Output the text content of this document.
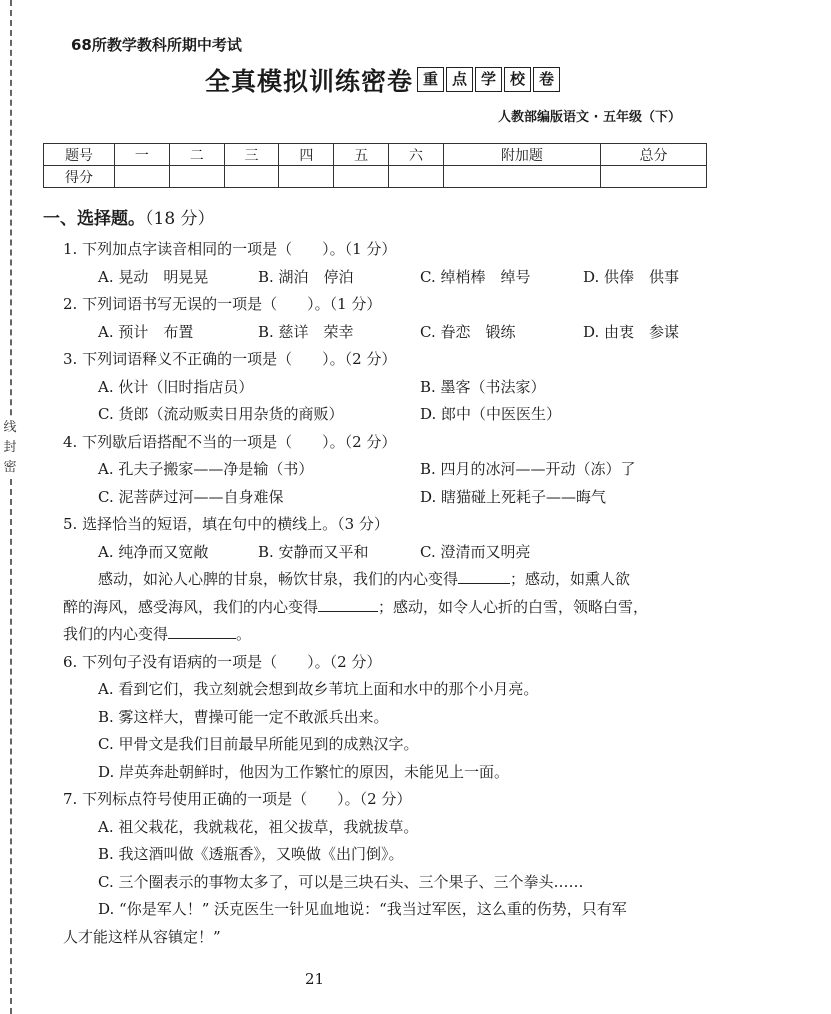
线
封
密
68所教学教科所期中考试
全真模拟训练密卷 重 点 学 校 卷
人教部编版语文 · 五年级（下）
题号	一	二	三	四	五	六	附加题	总分
得分								
一、选择题。（18 分）
1. 下列加点字读音相同的一项是（　　）。（1 分）
A. 晃动　明晃晃	B. 湖泊　停泊	C. 绰梢棒　绰号	D. 供俸　供事
2. 下列词语书写无误的一项是（　　）。（1 分）
A. 预计　布置	B. 慈详　荣幸	C. 眷恋　锻练	D. 由衷　参谋
3. 下列词语释义不正确的一项是（　　）。（2 分）
A. 伙计（旧时指店员）	B. 墨客（书法家）
C. 货郎（流动贩卖日用杂货的商贩）	D. 郎中（中医医生）
4. 下列歇后语搭配不当的一项是（　　）。（2 分）
A. 孔夫子搬家——净是输（书）	B. 四月的冰河——开动（冻）了
C. 泥菩萨过河——自身难保	D. 瞎猫碰上死耗子——晦气
5. 选择恰当的短语，填在句中的横线上。（3 分）
A. 纯净而又宽敞	B. 安静而又平和	C. 澄清而又明亮
感动，如沁人心脾的甘泉，畅饮甘泉，我们的内心变得	；感动，如熏人欲
醉的海风，感受海风，我们的内心变得	；感动，如令人心折的白雪，领略白雪，
我们的内心变得	。
6. 下列句子没有语病的一项是（　　）。（2 分）
A. 看到它们，我立刻就会想到故乡苇坑上面和水中的那个小月亮。
B. 雾这样大，曹操可能一定不敢派兵出来。
C. 甲骨文是我们目前最早所能见到的成熟汉字。
D. 岸英奔赴朝鲜时，他因为工作繁忙的原因，未能见上一面。
7. 下列标点符号使用正确的一项是（　　）。（2 分）
A. 祖父栽花，我就栽花，祖父拔草，我就拔草。
B. 我这酒叫做《透瓶香》，又唤做《出门倒》。
C. 三个圈表示的事物太多了，可以是三块石头、三个果子、三个拳头……
D. “你是军人！” 沃克医生一针见血地说：“我当过军医，这么重的伤势，只有军
人才能这样从容镇定！”
21
